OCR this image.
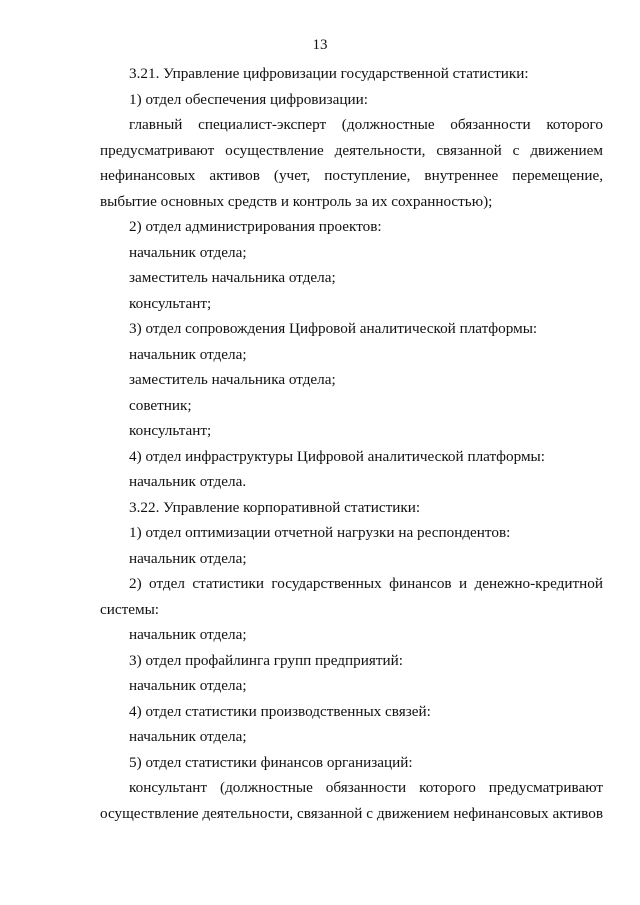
13

3.21. Управление цифровизации государственной статистики:

1) отдел обеспечения цифровизации:

главный специалист-эксперт (должностные обязанности которого предусматривают осуществление деятельности, связанной с движением нефинансовых активов (учет, поступление, внутреннее перемещение, выбытие основных средств и контроль за их сохранностью);

2) отдел администрирования проектов:

начальник отдела;

заместитель начальника отдела;

консультант;

3) отдел сопровождения Цифровой аналитической платформы:

начальник отдела;

заместитель начальника отдела;

советник;

консультант;

4) отдел инфраструктуры Цифровой аналитической платформы:

начальник отдела.

3.22. Управление корпоративной статистики:

1) отдел оптимизации отчетной нагрузки на респондентов:

начальник отдела;

2) отдел статистики государственных финансов и денежно-кредитной системы:

начальник отдела;

3) отдел профайлинга групп предприятий:

начальник отдела;

4) отдел статистики производственных связей:

начальник отдела;

5) отдел статистики финансов организаций:

консультант (должностные обязанности которого предусматривают осуществление деятельности, связанной с движением нефинансовых активов
